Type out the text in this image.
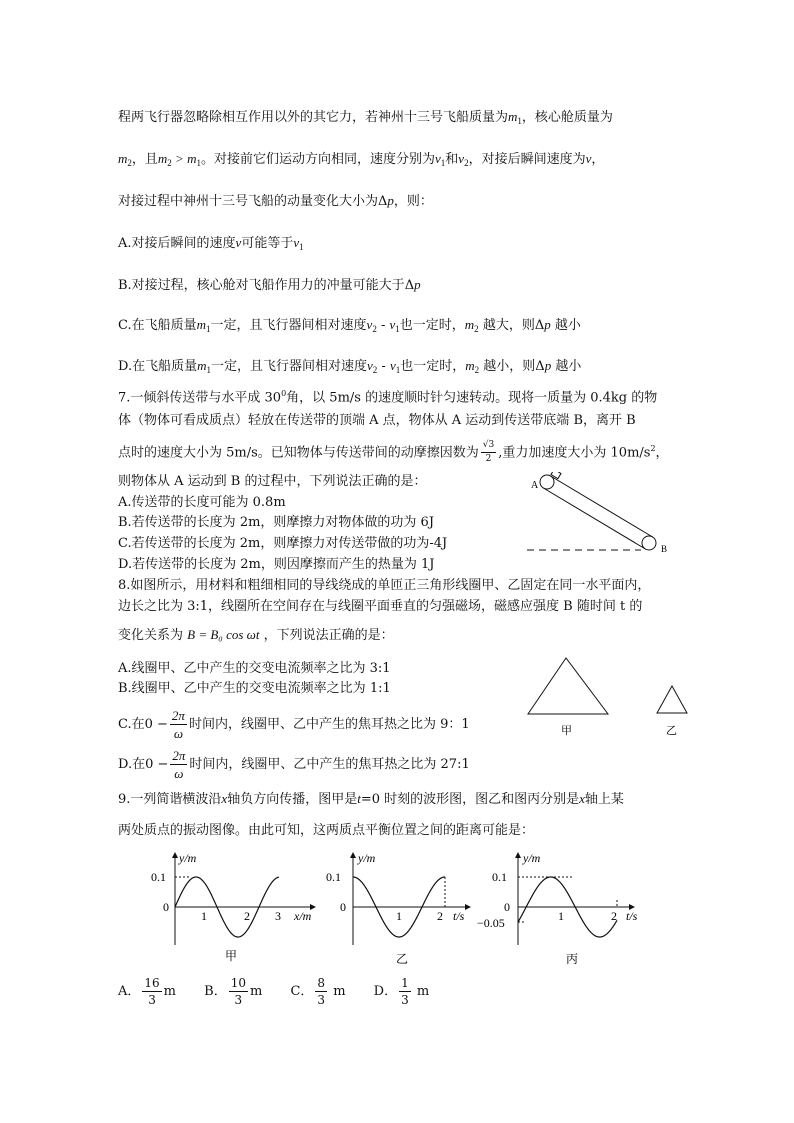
程两飞行器忽略除相互作用以外的其它力，若神州十三号飞船质量为$m_1$，核心舱质量为
$m_2$，且$m_2 > m_1$。对接前它们运动方向相同，速度分别为$v_1$和$v_2$，对接后瞬间速度为v，
对接过程中神州十三号飞船的动量变化大小为Δp，则：
A.对接后瞬间的速度v可能等于$v_1$
B.对接过程，核心舱对飞船作用力的冲量可能大于Δp
C.在飞船质量$m_1$一定，且飞行器间相对速度$v_2 - v_1$也一定时，$m_2$ 越大，则Δp 越小
D.在飞船质量$m_1$一定，且飞行器间相对速度$v_2 - v_1$也一定时，$m_2$ 越小，则Δp 越小
7.一倾斜传送带与水平成 $30^0$角，以 5m/s 的速度顺时针匀速转动。现将一质量为 0.4kg 的物
体（物体可看成质点）轻放在传送带的顶端 A 点，物体从 A 运动到传送带底端 B，离开 B
点时的速度大小为 5m/s。已知物体与传送带间的动摩擦因数为 $\frac{√3}{2}$ ,重力加速度大小为 $10m/s^2$，
则物体从 A 运动到 B 的过程中，下列说法正确的是：
A.传送带的长度可能为 0.8m
B.若传送带的长度为 2m，则摩擦力对物体做的功为 6J
C.若传送带的长度为 2m，则摩擦力对传送带做的功为-4J
D.若传送带的长度为 2m，则因摩擦而产生的热量为 1J
A
B
8.如图所示，用材料和粗细相同的导线绕成的单匝正三角形线圈甲、乙固定在同一水平面内，
边长之比为 3:1，线圈所在空间存在与线圈平面垂直的匀强磁场，磁感应强度 B 随时间 t 的
变化关系为 B = B₀ cos ωt ，下列说法正确的是：
A.线圈甲、乙中产生的交变电流频率之比为 3:1
B.线圈甲、乙中产生的交变电流频率之比为 1:1
C.在$0 - \frac{2\pi}{\omega}$ 时间内，线圈甲、乙中产生的焦耳热之比为 9：1
D.在$0 - \frac{2\pi}{\omega}$ 时间内，线圈甲、乙中产生的焦耳热之比为 27:1
甲	乙
9.一列简谐横波沿x轴负方向传播，图甲是t=0 时刻的波形图，图乙和图丙分别是x轴上某
两处质点的振动图像。由此可知，这两质点平衡位置之间的距离可能是：
y/m
0.1
0
1	2 3 x/m
甲
y/m
0.1
0
1	2 t/s
乙
y/m
0.1
0
−0.05	1	2 t/s
丙
A． $\frac{16}{3}$ m B． $\frac{10}{3}$ m C． $\frac{8}{3}$ m D． $\frac{1}{3}$ m
